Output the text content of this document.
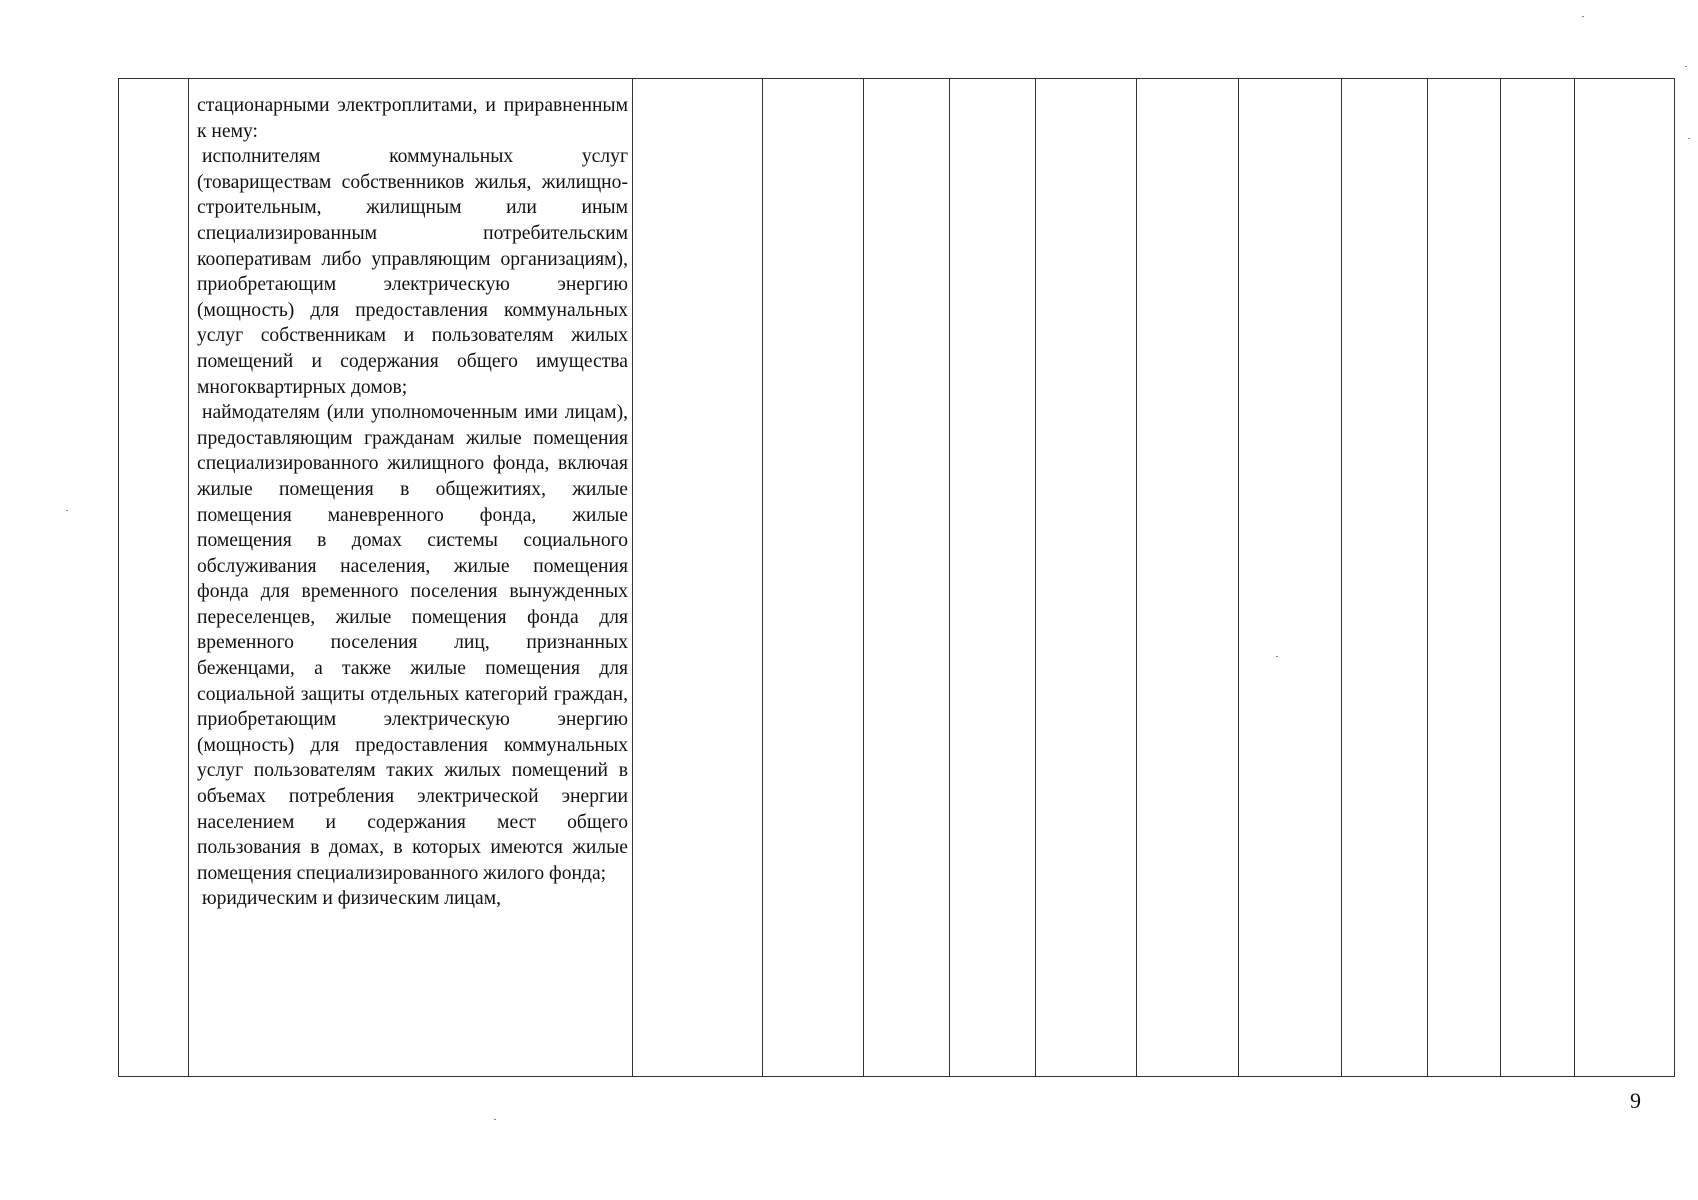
стационарными электроплитами, и приравненным к нему:

исполнителям коммунальных услуг (товариществам собственников жилья, жилищно-строительным, жилищным или иным специализированным потребительским кооперативам либо управляющим организациям), приобретающим электрическую энергию (мощность) для предоставления коммунальных услуг собственникам и пользователям жилых помещений и содержания общего имущества многоквартирных домов;

наймодателям (или уполномоченным ими лицам), предоставляющим гражданам жилые помещения специализированного жилищного фонда, включая жилые помещения в общежитиях, жилые помещения маневренного фонда, жилые помещения в домах системы социального обслуживания населения, жилые помещения фонда для временного поселения вынужденных переселенцев, жилые помещения фонда для временного поселения лиц, признанных беженцами, а также жилые помещения для социальной защиты отдельных категорий граждан, приобретающим электрическую энергию (мощность) для предоставления коммунальных услуг пользователям таких жилых помещений в объемах потребления электрической энергии населением и содержания мест общего пользования в домах, в которых имеются жилые помещения специализированного жилого фонда;

юридическим и физическим лицам,

9
